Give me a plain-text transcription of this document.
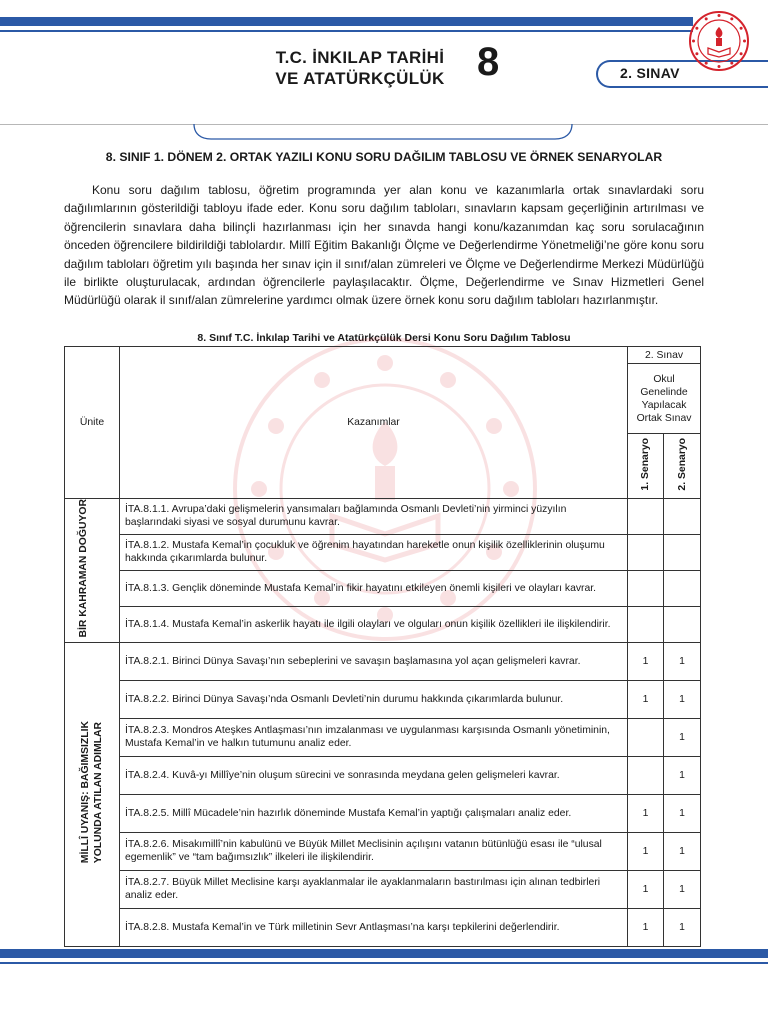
T.C. İNKILAP TARİHİ
VE ATATÜRKÇÜLÜK 8	2. SINAV
8. SINIF 1. DÖNEM 2. ORTAK YAZILI KONU SORU DAĞILIM TABLOSU VE ÖRNEK SENARYOLAR
Konu soru dağılım tablosu, öğretim programında yer alan konu ve kazanımlarla ortak sınavlardaki soru dağılımlarının gösterildiği tabloyu ifade eder. Konu soru dağılım tabloları, sınavların kapsam geçerliğinin artırılması ve öğrencilerin sınavlara daha bilinçli hazırlanması için her sınavda hangi konu/kazanımdan kaç soru sorulacağının önceden öğrencilere bildirildiği tablolardır. Millî Eğitim Bakanlığı Ölçme ve Değerlendirme Yönetmeliği’ne göre konu soru dağılım tabloları öğretim yılı başında her sınav için il sınıf/alan zümreleri ve Ölçme ve Değerlendirme Merkezi Müdürlüğü ile birlikte oluşturulacak, ardından öğrencilerle paylaşılacaktır. Ölçme, Değerlendirme ve Sınav Hizmetleri Genel Müdürlüğü olarak il sınıf/alan zümrelerine yardımcı olmak üzere örnek konu soru dağılım tabloları hazırlanmıştır.
8. Sınıf T.C. İnkılap Tarihi ve Atatürkçülük Dersi Konu Soru Dağılım Tablosu
Ünite	Kazanımlar	2. Sınav	
		Okul Genelinde Yapılacak Ortak Sınav	
		1. Senaryo	2. Senaryo
BİR KAHRAMAN DOĞUYOR	İTA.8.1.1. Avrupa’daki gelişmelerin yansımaları bağlamında Osmanlı Devleti’nin yirminci yüzyılın başlarındaki siyasi ve sosyal durumunu kavrar.		
	İTA.8.1.2. Mustafa Kemal’in çocukluk ve öğrenim hayatından hareketle onun kişilik özelliklerinin oluşumu hakkında çıkarımlarda bulunur.		
	İTA.8.1.3. Gençlik döneminde Mustafa Kemal’in fikir hayatını etkileyen önemli kişileri ve olayları kavrar.		
	İTA.8.1.4. Mustafa Kemal’in askerlik hayatı ile ilgili olayları ve olguları onun kişilik özellikleri ile ilişkilendirir.		
MİLLÎ UYANIŞ: BAĞIMSIZLIK YOLUNDA ATILAN ADIMLAR	İTA.8.2.1. Birinci Dünya Savaşı’nın sebeplerini ve savaşın başlamasına yol açan gelişmeleri kavrar.	1	1
	İTA.8.2.2. Birinci Dünya Savaşı’nda Osmanlı Devleti’nin durumu hakkında çıkarımlarda bulunur.	1	1
	İTA.8.2.3. Mondros Ateşkes Antlaşması’nın imzalanması ve uygulanması karşısında Osmanlı yönetiminin, Mustafa Kemal’in ve halkın tutumunu analiz eder.		1
	İTA.8.2.4. Kuvâ-yı Millîye’nin oluşum sürecini ve sonrasında meydana gelen gelişmeleri kavrar.		1
	İTA.8.2.5. Millî Mücadele’nin hazırlık döneminde Mustafa Kemal’in yaptığı çalışmaları analiz eder.	1	1
	İTA.8.2.6. Misakımillî’nin kabulünü ve Büyük Millet Meclisinin açılışını vatanın bütünlüğü esası ile “ulusal egemenlik” ve “tam bağımsızlık” ilkeleri ile ilişkilendirir.	1	1
	İTA.8.2.7. Büyük Millet Meclisine karşı ayaklanmalar ile ayaklanmaların bastırılması için alınan tedbirleri analiz eder.	1	1
	İTA.8.2.8. Mustafa Kemal’in ve Türk milletinin Sevr Antlaşması’na karşı tepkilerini değerlendirir.	1	1
